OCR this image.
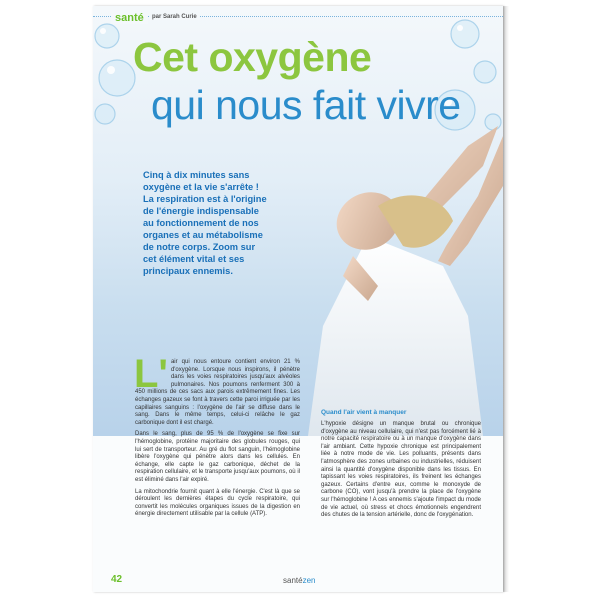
santé	par Sarah Curie
Cet oxygène
qui nous fait vivre
Cinq à dix minutes sans oxygène et la vie s'arrête ! La respiration est à l'origine de l'énergie indispensable au fonctionnement de nos organes et au métabolisme de notre corps. Zoom sur cet élément vital et ses principaux ennemis.
L' air qui nous entoure contient environ 21 % d'oxygène. Lorsque nous inspirons, il pénètre dans les voies respiratoires jusqu'aux alvéoles pulmonaires. Nos poumons renferment 300 à 450 millions de ces sacs aux parois extrêmement fines. Les échanges gazeux se font à travers cette paroi irriguée par les capillaires sanguins : l'oxygène de l'air se diffuse dans le sang. Dans le même temps, celui-ci relâche le gaz carbonique dont il est chargé.

Dans le sang, plus de 95 % de l'oxygène se fixe sur l'hémoglobine, protéine majoritaire des globules rouges, qui lui sert de transporteur. Au gré du flot sanguin, l'hémoglobine libère l'oxygène qui pénètre alors dans les cellules. En échange, elle capte le gaz carbonique, déchet de la respiration cellulaire, et le transporte jusqu'aux poumons, où il est éliminé dans l'air expiré.

La mitochondrie fournit quant à elle l'énergie. C'est là que se déroulent les dernières étapes du cycle respiratoire, qui convertit les molécules organiques issues de la digestion en énergie directement utilisable par la cellule (ATP).

Quand l'air vient à manquer

L'hypoxie désigne un manque brutal ou chronique d'oxygène au niveau cellulaire, qui n'est pas forcément lié à notre capacité respiratoire ou à un manque d'oxygène dans l'air ambiant. Cette hypoxie chronique est principalement liée à notre mode de vie. Les polluants, présents dans l'atmosphère des zones urbaines ou industrielles, réduisent ainsi la quantité d'oxygène disponible dans les tissus. En tapissant les voies respiratoires, ils freinent les échanges gazeux. Certains d'entre eux, comme le monoxyde de carbone (CO), vont jusqu'à prendre la place de l'oxygène sur l'hémoglobine ! A ces ennemis s'ajoute l'impact du mode de vie actuel, où stress et chocs émotionnels engendrent des chutes de la tension artérielle, donc de l'oxygénation.

42	santézen
